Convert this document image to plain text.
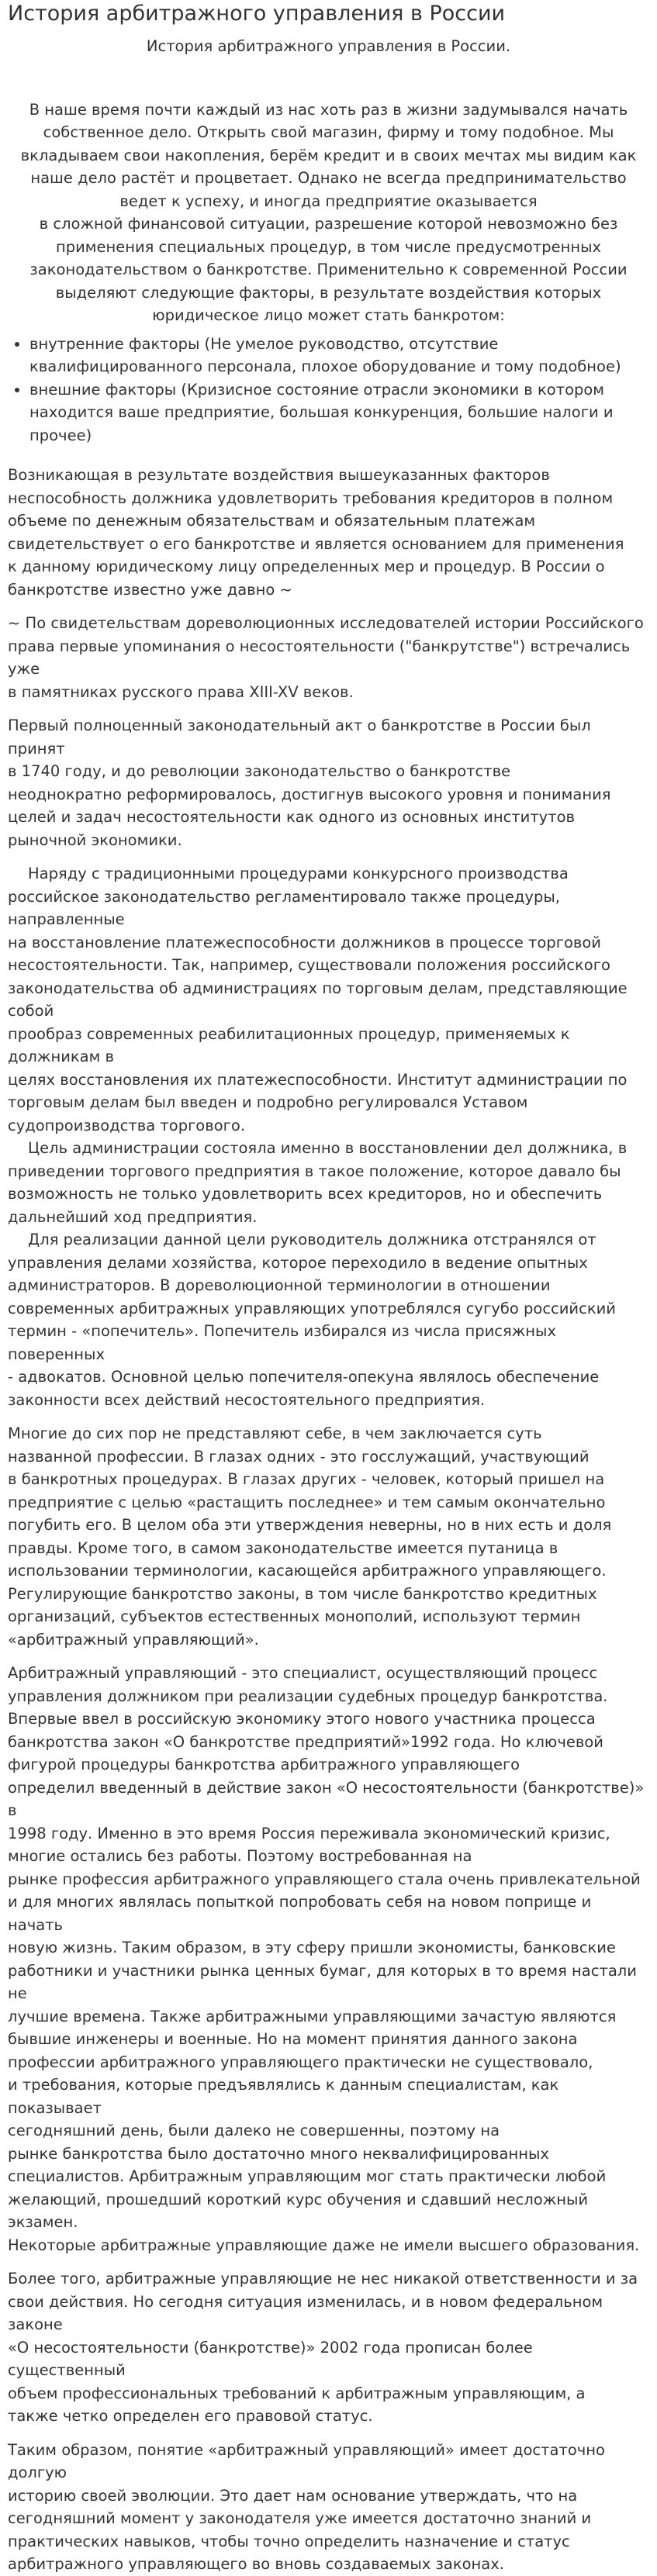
История арбитражного управления в России

История арбитражного управления в России.

В наше время почти каждый из нас хоть раз в жизни задумывался начать
собственное дело. Открыть свой магазин, фирму и тому подобное. Мы
вкладываем свои накопления, берём кредит и в своих мечтах мы видим как
наше дело растёт и процветает. Однако не всегда предпринимательство
ведет к успеху, и иногда предприятие оказывается
в сложной финансовой ситуации, разрешение которой невозможно без
применения специальных процедур, в том числе предусмотренных
законодательством о банкротстве. Применительно к современной России
выделяют следующие факторы, в результате воздействия которых
юридическое лицо может стать банкротом:

• внутренние факторы (Не умелое руководство, отсутствие
квалифицированного персонала, плохое оборудование и тому подобное)
• внешние факторы (Кризисное состояние отрасли экономики в котором
находится ваше предприятие, большая конкуренция, большие налоги и
прочее)

Возникающая в результате воздействия вышеуказанных факторов
неспособность должника удовлетворить требования кредиторов в полном
объеме по денежным обязательствам и обязательным платежам
свидетельствует о его банкротстве и является основанием для применения
к данному юридическому лицу определенных мер и процедур. В России о
банкротстве известно уже давно ~

~ По свидетельствам дореволюционных исследователей истории Российского
права первые упоминания о несостоятельности ("банкрутстве") встречались
уже
в памятниках русского права XIII-XV веков.

Первый полноценный законодательный акт о банкротстве в России был принят
в 1740 году, и до революции законодательство о банкротстве
неоднократно реформировалось, достигнув высокого уровня и понимания
целей и задач несостоятельности как одного из основных институтов
рыночной экономики.

Наряду с традиционными процедурами конкурсного производства
российское законодательство регламентировало также процедуры,
направленные
на восстановление платежеспособности должников в процессе торговой
несостоятельности. Так, например, существовали положения российского
законодательства об администрациях по торговым делам, представляющие
собой
прообраз современных реабилитационных процедур, применяемых к
должникам в
целях восстановления их платежеспособности. Институт администрации по
торговым делам был введен и подробно регулировался Уставом
судопроизводства торгового.

Цель администрации состояла именно в восстановлении дел должника, в
приведении торгового предприятия в такое положение, которое давало бы
возможность не только удовлетворить всех кредиторов, но и обеспечить
дальнейший ход предприятия.

Для реализации данной цели руководитель должника отстранялся от
управления делами хозяйства, которое переходило в ведение опытных
администраторов. В дореволюционной терминологии в отношении
современных арбитражных управляющих употреблялся сугубо российский
термин - «попечитель». Попечитель избирался из числа присяжных поверенных
- адвокатов. Основной целью попечителя-опекуна являлось обеспечение
законности всех действий несостоятельного предприятия.

Многие до сих пор не представляют себе, в чем заключается суть
названной профессии. В глазах одних - это госслужащий, участвующий
в банкротных процедурах. В глазах других - человек, который пришел на
предприятие с целью «растащить последнее» и тем самым окончательно
погубить его. В целом оба эти утверждения неверны, но в них есть и доля
правды. Кроме того, в самом законодательстве имеется путаница в
использовании терминологии, касающейся арбитражного управляющего.
Регулирующие банкротство законы, в том числе банкротство кредитных
организаций, субъектов естественных монополий, используют термин
«арбитражный управляющий».

Арбитражный управляющий - это специалист, осуществляющий процесс
управления должником при реализации судебных процедур банкротства.
Впервые ввел в российскую экономику этого нового участника процесса
банкротства закон «О банкротстве предприятий»1992 года. Но ключевой
фигурой процедуры банкротства арбитражного управляющего
определил введенный в действие закон «О несостоятельности (банкротстве)» в
1998 году. Именно в это время Россия переживала экономический кризис,
многие остались без работы. Поэтому востребованная на
рынке профессия арбитражного управляющего стала очень привлекательной
и для многих являлась попыткой попробовать себя на новом поприще и начать
новую жизнь. Таким образом, в эту сферу пришли экономисты, банковские
работники и участники рынка ценных бумаг, для которых в то время настали не
лучшие времена. Также арбитражными управляющими зачастую являются
бывшие инженеры и военные. Но на момент принятия данного закона
профессии арбитражного управляющего практически не существовало,
и требования, которые предъявлялись к данным специалистам, как показывает
сегодняшний день, были далеко не совершенны, поэтому на
рынке банкротства было достаточно много неквалифицированных
специалистов. Арбитражным управляющим мог стать практически любой
желающий, прошедший короткий курс обучения и сдавший несложный экзамен.
Некоторые арбитражные управляющие даже не имели высшего образования.

Более того, арбитражные управляющие не нес никакой ответственности и за
свои действия. Но сегодня ситуация изменилась, и в новом федеральном законе
«О несостоятельности (банкротстве)» 2002 года прописан более существенный
объем профессиональных требований к арбитражным управляющим, а
также четко определен его правовой статус.

Таким образом, понятие «арбитражный управляющий» имеет достаточно долгую
историю своей эволюции. Это дает нам основание утверждать, что на
сегодняшний момент у законодателя уже имеется достаточно знаний и
практических навыков, чтобы точно определить назначение и статус
арбитражного управляющего во вновь создаваемых законах.
